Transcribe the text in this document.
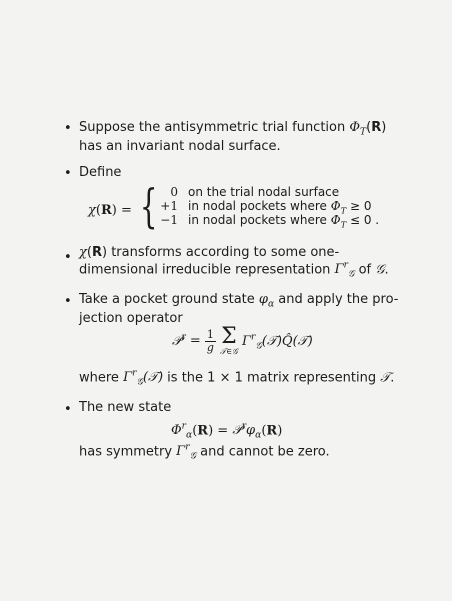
• Suppose the antisymmetric trial function $\Phi_T(R)$ has an invariant nodal surface.
• Define
χ(R) = {	0 on the trial nodal surface
+1 in nodal pockets where $\Phi_T \ge 0$
−1 in nodal pockets where $\Phi_T \le 0$ .
• χ(R) transforms according to some one-dimensional irreducible representation $\Gamma^r_𝒢$ of 𝒢.
• Take a pocket ground state $\varphi_\alpha$ and apply the pro- jection operator
𝒫$^r$ = $\frac{1}{g}$
Σ
𝒯∈𝒢
$\Gamma^r_𝒢(𝒯)Q̂(𝒯)$
where $\Gamma^r_𝒢(𝒯)$ is the 1 × 1 matrix representing 𝒯.
• The new state
$\Phi^r_\alpha(R)$ = $𝒫^r\varphi_\alpha(R)$
has symmetry $\Gamma^r_𝒢$ and cannot be zero.
